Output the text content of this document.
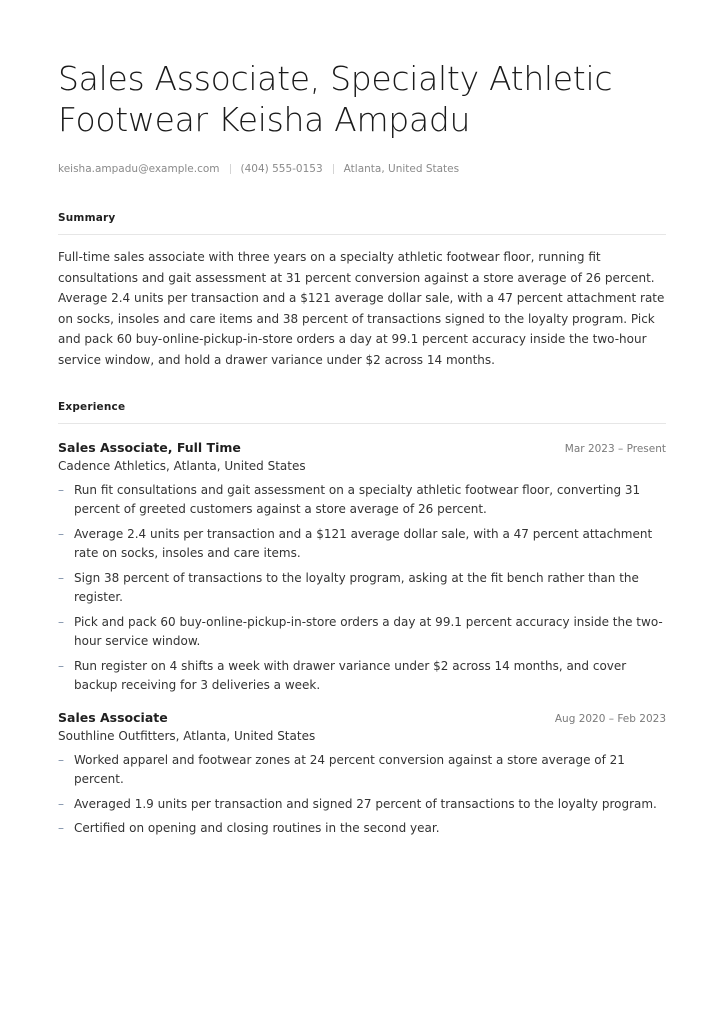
Sales Associate, Specialty Athletic Footwear Keisha Ampadu
keisha.ampadu@example.com (404) 555-0153 Atlanta, United States
Summary
Full-time sales associate with three years on a specialty athletic footwear floor, running fit consultations and gait assessment at 31 percent conversion against a store average of 26 percent. Average 2.4 units per transaction and a $121 average dollar sale, with a 47 percent attachment rate on socks, insoles and care items and 38 percent of transactions signed to the loyalty program. Pick and pack 60 buy-online-pickup-in-store orders a day at 99.1 percent accuracy inside the two-hour service window, and hold a drawer variance under $2 across 14 months.
Experience
Sales Associate, Full Time	Mar 2023 – Present
Cadence Athletics, Atlanta, United States
– Run fit consultations and gait assessment on a specialty athletic footwear floor, converting 31 percent of greeted customers against a store average of 26 percent.
– Average 2.4 units per transaction and a $121 average dollar sale, with a 47 percent attachment rate on socks, insoles and care items.
– Sign 38 percent of transactions to the loyalty program, asking at the fit bench rather than the register.
– Pick and pack 60 buy-online-pickup-in-store orders a day at 99.1 percent accuracy inside the two-hour service window.
– Run register on 4 shifts a week with drawer variance under $2 across 14 months, and cover backup receiving for 3 deliveries a week.
Sales Associate	Aug 2020 – Feb 2023
Southline Outfitters, Atlanta, United States
– Worked apparel and footwear zones at 24 percent conversion against a store average of 21 percent.
– Averaged 1.9 units per transaction and signed 27 percent of transactions to the loyalty program.
– Certified on opening and closing routines in the second year.
